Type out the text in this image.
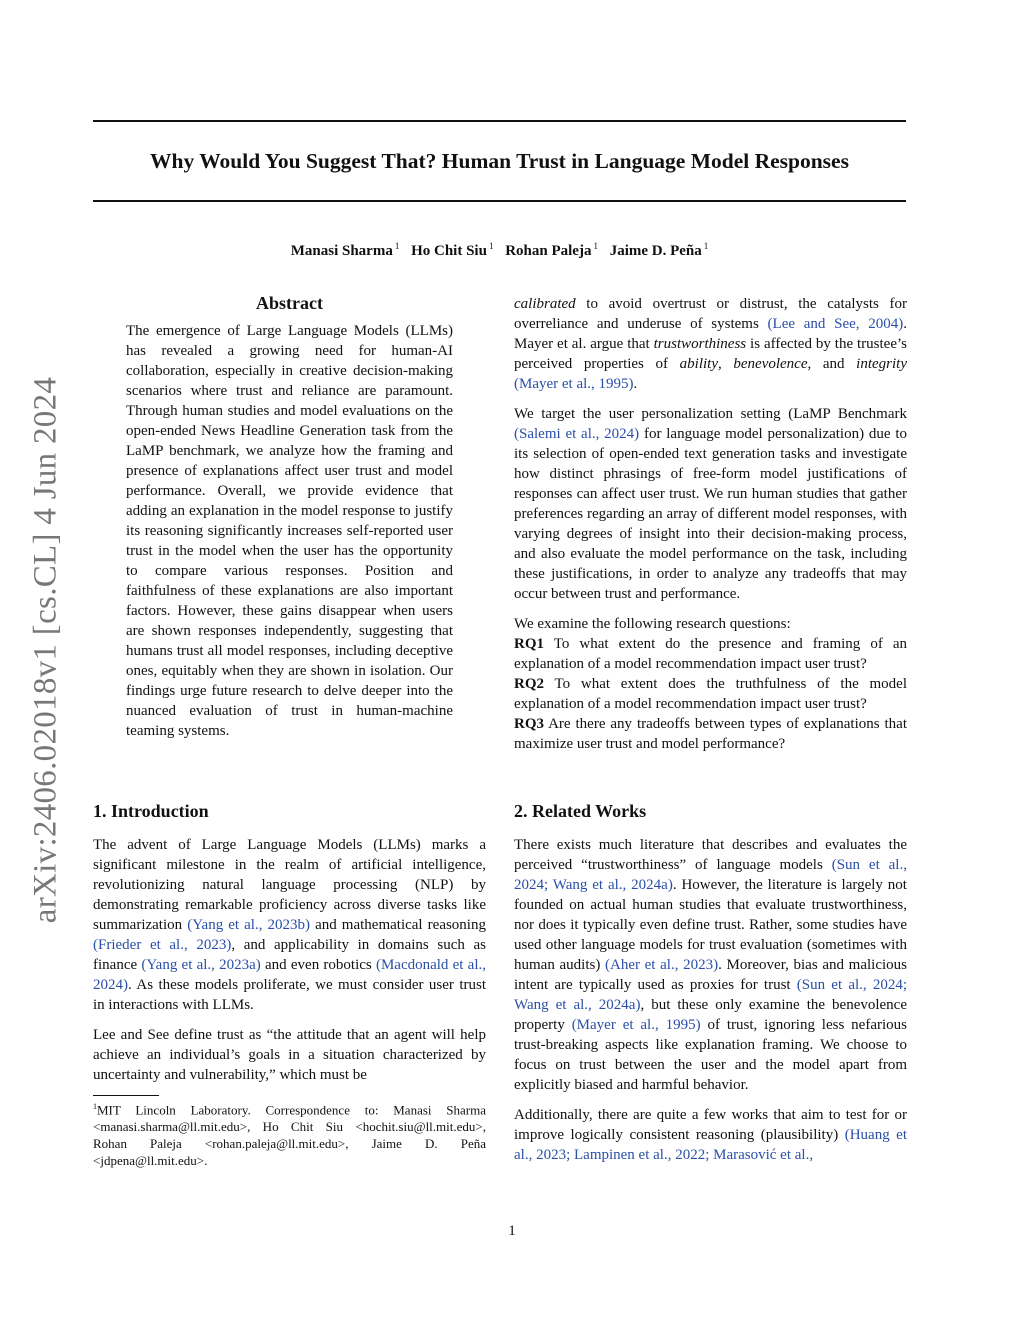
Why Would You Suggest That? Human Trust in Language Model Responses
Manasi Sharma $^1$ Ho Chit Siu $^1$ Rohan Paleja $^1$ Jaime D. Peña $^1$
arXiv:2406.02018v1 [cs.CL] 4 Jun 2024
Abstract

The emergence of Large Language Models (LLMs) has revealed a growing need for human-AI collaboration, especially in creative decision-making scenarios where trust and reliance are paramount. Through human studies and model evaluations on the open-ended News Headline Generation task from the LaMP benchmark, we analyze how the framing and presence of explanations affect user trust and model performance. Overall, we provide evidence that adding an explanation in the model response to justify its reasoning significantly increases self-reported user trust in the model when the user has the opportunity to compare various responses. Position and faithfulness of these explanations are also important factors. However, these gains disappear when users are shown responses independently, suggesting that humans trust all model responses, including deceptive ones, equitably when they are shown in isolation. Our findings urge future research to delve deeper into the nuanced evaluation of trust in human-machine teaming systems.

1. Introduction

The advent of Large Language Models (LLMs) marks a significant milestone in the realm of artificial intelligence, revolutionizing natural language processing (NLP) by demonstrating remarkable proficiency across diverse tasks like summarization (Yang et al., 2023b) and mathematical reasoning (Frieder et al., 2023), and applicability in domains such as finance (Yang et al., 2023a) and even robotics (Macdonald et al., 2024). As these models proliferate, we must consider user trust in interactions with LLMs.

Lee and See define trust as “the attitude that an agent will help achieve an individual’s goals in a situation characterized by uncertainty and vulnerability,” which must be

$^1$MIT Lincoln Laboratory. Correspondence to: Manasi Sharma <manasi.sharma@ll.mit.edu>, Ho Chit Siu <hochit.siu@ll.mit.edu>, Rohan Paleja <rohan.paleja@ll.mit.edu>, Jaime D. Peña <jdpena@ll.mit.edu>.

calibrated to avoid overtrust or distrust, the catalysts for overreliance and underuse of systems (Lee and See, 2004). Mayer et al. argue that trustworthiness is affected by the trustee’s perceived properties of ability, benevolence, and integrity (Mayer et al., 1995).

We target the user personalization setting (LaMP Benchmark (Salemi et al., 2024) for language model personalization) due to its selection of open-ended text generation tasks and investigate how distinct phrasings of free-form model justifications of responses can affect user trust. We run human studies that gather preferences regarding an array of different model responses, with varying degrees of insight into their decision-making process, and also evaluate the model performance on the task, including these justifications, in order to analyze any tradeoffs that may occur between trust and performance.

We examine the following research questions:

RQ1 To what extent do the presence and framing of an explanation of a model recommendation impact user trust?

RQ2 To what extent does the truthfulness of the model explanation of a model recommendation impact user trust?

RQ3 Are there any tradeoffs between types of explanations that maximize user trust and model performance?

2. Related Works

There exists much literature that describes and evaluates the perceived “trustworthiness” of language models (Sun et al., 2024; Wang et al., 2024a). However, the literature is largely not founded on actual human studies that evaluate trustworthiness, nor does it typically even define trust. Rather, some studies have used other language models for trust evaluation (sometimes with human audits) (Aher et al., 2023). Moreover, bias and malicious intent are typically used as proxies for trust (Sun et al., 2024; Wang et al., 2024a), but these only examine the benevolence property (Mayer et al., 1995) of trust, ignoring less nefarious trust-breaking aspects like explanation framing. We choose to focus on trust between the user and the model apart from explicitly biased and harmful behavior.

Additionally, there are quite a few works that aim to test for or improve logically consistent reasoning (plausibility) (Huang et al., 2023; Lampinen et al., 2022; Marasović et al.,

1
